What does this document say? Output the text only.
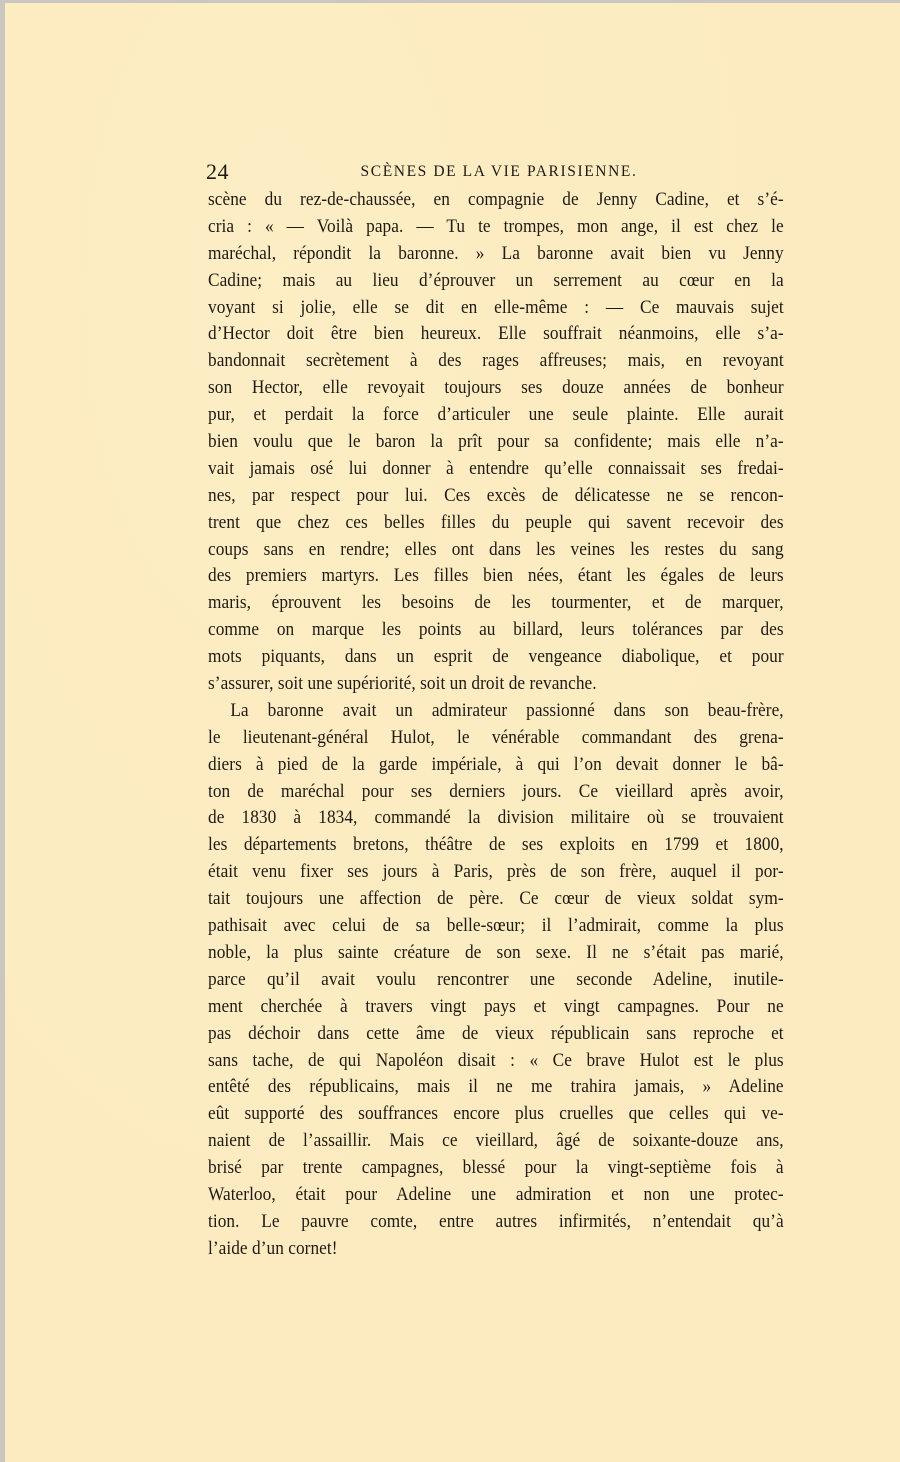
24	SCÈNES DE LA VIE PARISIENNE.
scène du rez-de-chaussée, en compagnie de Jenny Cadine, et s’é-
cria : « — Voilà papa. — Tu te trompes, mon ange, il est chez le
maréchal, répondit la baronne. » La baronne avait bien vu Jenny
Cadine; mais au lieu d’éprouver un serrement au cœur en la
voyant si jolie, elle se dit en elle-même : — Ce mauvais sujet
d’Hector doit être bien heureux. Elle souffrait néanmoins, elle s’a-
bandonnait secrètement à des rages affreuses; mais, en revoyant
son Hector, elle revoyait toujours ses douze années de bonheur
pur, et perdait la force d’articuler une seule plainte. Elle aurait
bien voulu que le baron la prît pour sa confidente; mais elle n’a-
vait jamais osé lui donner à entendre qu’elle connaissait ses fredai-
nes, par respect pour lui. Ces excès de délicatesse ne se rencon-
trent que chez ces belles filles du peuple qui savent recevoir des
coups sans en rendre; elles ont dans les veines les restes du sang
des premiers martyrs. Les filles bien nées, étant les égales de leurs
maris, éprouvent les besoins de les tourmenter, et de marquer,
comme on marque les points au billard, leurs tolérances par des
mots piquants, dans un esprit de vengeance diabolique, et pour
s’assurer, soit une supériorité, soit un droit de revanche.
La baronne avait un admirateur passionné dans son beau-frère,
le lieutenant-général Hulot, le vénérable commandant des grena-
diers à pied de la garde impériale, à qui l’on devait donner le bâ-
ton de maréchal pour ses derniers jours. Ce vieillard après avoir,
de 1830 à 1834, commandé la division militaire où se trouvaient
les départements bretons, théâtre de ses exploits en 1799 et 1800,
était venu fixer ses jours à Paris, près de son frère, auquel il por-
tait toujours une affection de père. Ce cœur de vieux soldat sym-
pathisait avec celui de sa belle-sœur; il l’admirait, comme la plus
noble, la plus sainte créature de son sexe. Il ne s’était pas marié,
parce qu’il avait voulu rencontrer une seconde Adeline, inutile-
ment cherchée à travers vingt pays et vingt campagnes. Pour ne
pas déchoir dans cette âme de vieux républicain sans reproche et
sans tache, de qui Napoléon disait : « Ce brave Hulot est le plus
entêté des républicains, mais il ne me trahira jamais, » Adeline
eût supporté des souffrances encore plus cruelles que celles qui ve-
naient de l’assaillir. Mais ce vieillard, âgé de soixante-douze ans,
brisé par trente campagnes, blessé pour la vingt-septième fois à
Waterloo, était pour Adeline une admiration et non une protec-
tion. Le pauvre comte, entre autres infirmités, n’entendait qu’à
l’aide d’un cornet!
